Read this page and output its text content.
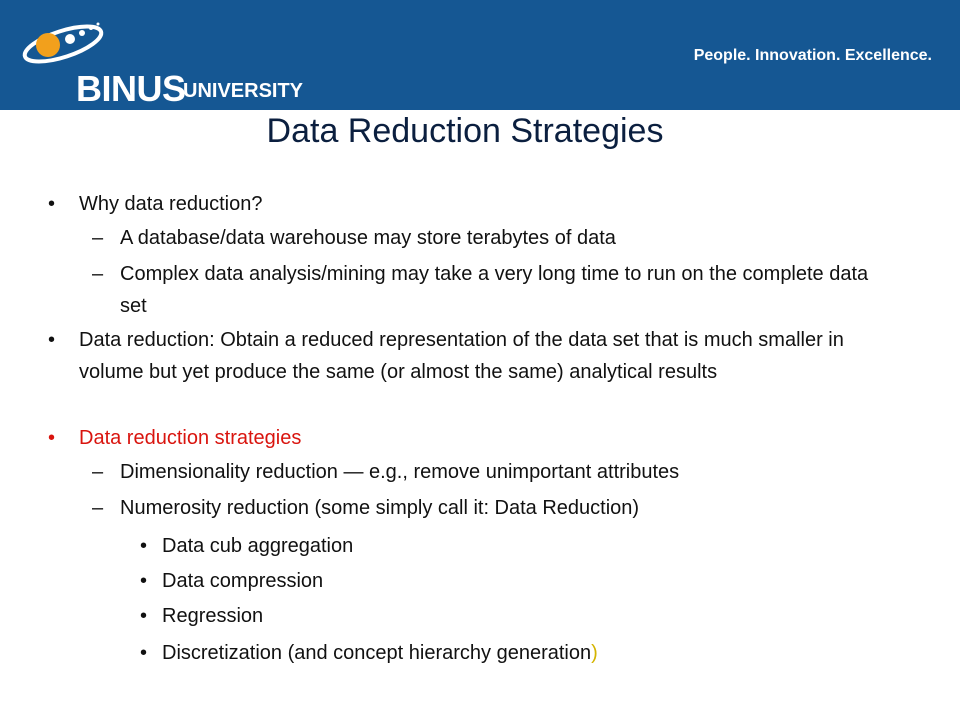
BINUS
UNIVERSITY
People. Innovation. Excellence.
Data Reduction Strategies
• Why data reduction?
– A database/data warehouse may store terabytes of data
– Complex data analysis/mining may take a very long time to run on the complete data set
• Data reduction: Obtain a reduced representation of the data set that is much smaller in volume but yet produce the same (or almost the same) analytical results
• Data reduction strategies
– Dimensionality reduction — e.g., remove unimportant attributes
– Numerosity reduction (some simply call it: Data Reduction)
• Data cub aggregation
• Data compression
• Regression
• Discretization (and concept hierarchy generation)
